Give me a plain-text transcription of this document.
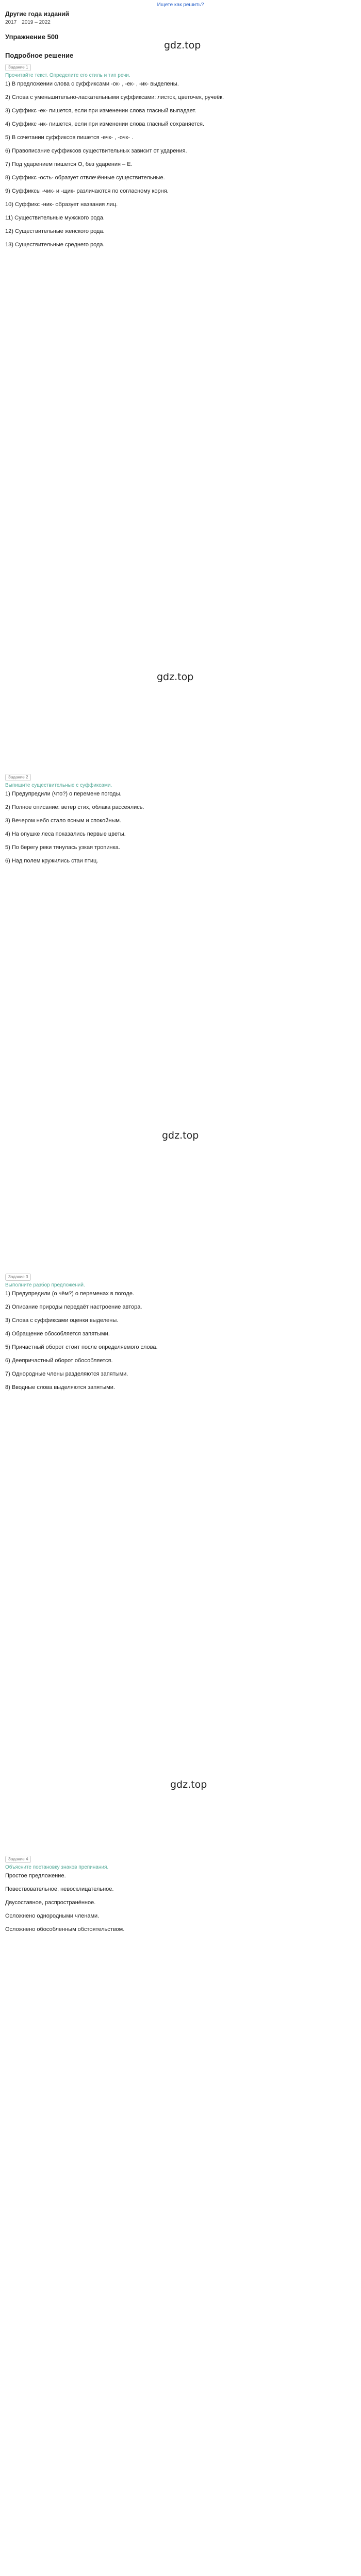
Ищете как решить?
Другие года изданий
2017 2019 – 2022
Упражнение 500
gdz.top
Подробное решение
Задание 1
Прочитайте текст. Определите его стиль и тип речи.

1) В предложении слова с суффиксами -ок- , -ек- , -ик- выделены.

2) Слова с уменьшительно-ласкательными суффиксами: листок, цветочек, ручеёк.

3) Суффикс -ек- пишется, если при изменении слова гласный выпадает.

4) Суффикс -ик- пишется, если при изменении слова гласный сохраняется.

5) В сочетании суффиксов пишется -ечк- , -очк- .

6) Правописание суффиксов существительных зависит от ударения.

7) Под ударением пишется О, без ударения – Е.

8) Суффикс -ость- образует отвлечённые существительные.

9) Суффиксы -чик- и -щик- различаются по согласному корня.

10) Суффикс -ник- образует названия лиц.

11) Существительные мужского рода.

12) Существительные женского рода.

13) Существительные среднего рода.

gdz.top
Задание 2
Выпишите существительные с суффиксами.

1) Предупредили (что?) о перемене погоды.

2) Полное описание: ветер стих, облака рассеялись.

3) Вечером небо стало ясным и спокойным.

4) На опушке леса показались первые цветы.

5) По берегу реки тянулась узкая тропинка.

6) Над полем кружились стаи птиц.

gdz.top
Задание 3
Выполните разбор предложений.

1) Предупредили (о чём?) о переменах в погоде.

2) Описание природы передаёт настроение автора.

3) Слова с суффиксами оценки выделены.

4) Обращение обособляется запятыми.

5) Причастный оборот стоит после определяемого слова.

6) Деепричастный оборот обособляется.

7) Однородные члены разделяются запятыми.

8) Вводные слова выделяются запятыми.

gdz.top
Задание 4
Объясните постановку знаков препинания.

Простое предложение.

Повествовательное, невосклицательное.

Двусоставное, распространённое.

Осложнено однородными членами.

Осложнено обособленным обстоятельством.
